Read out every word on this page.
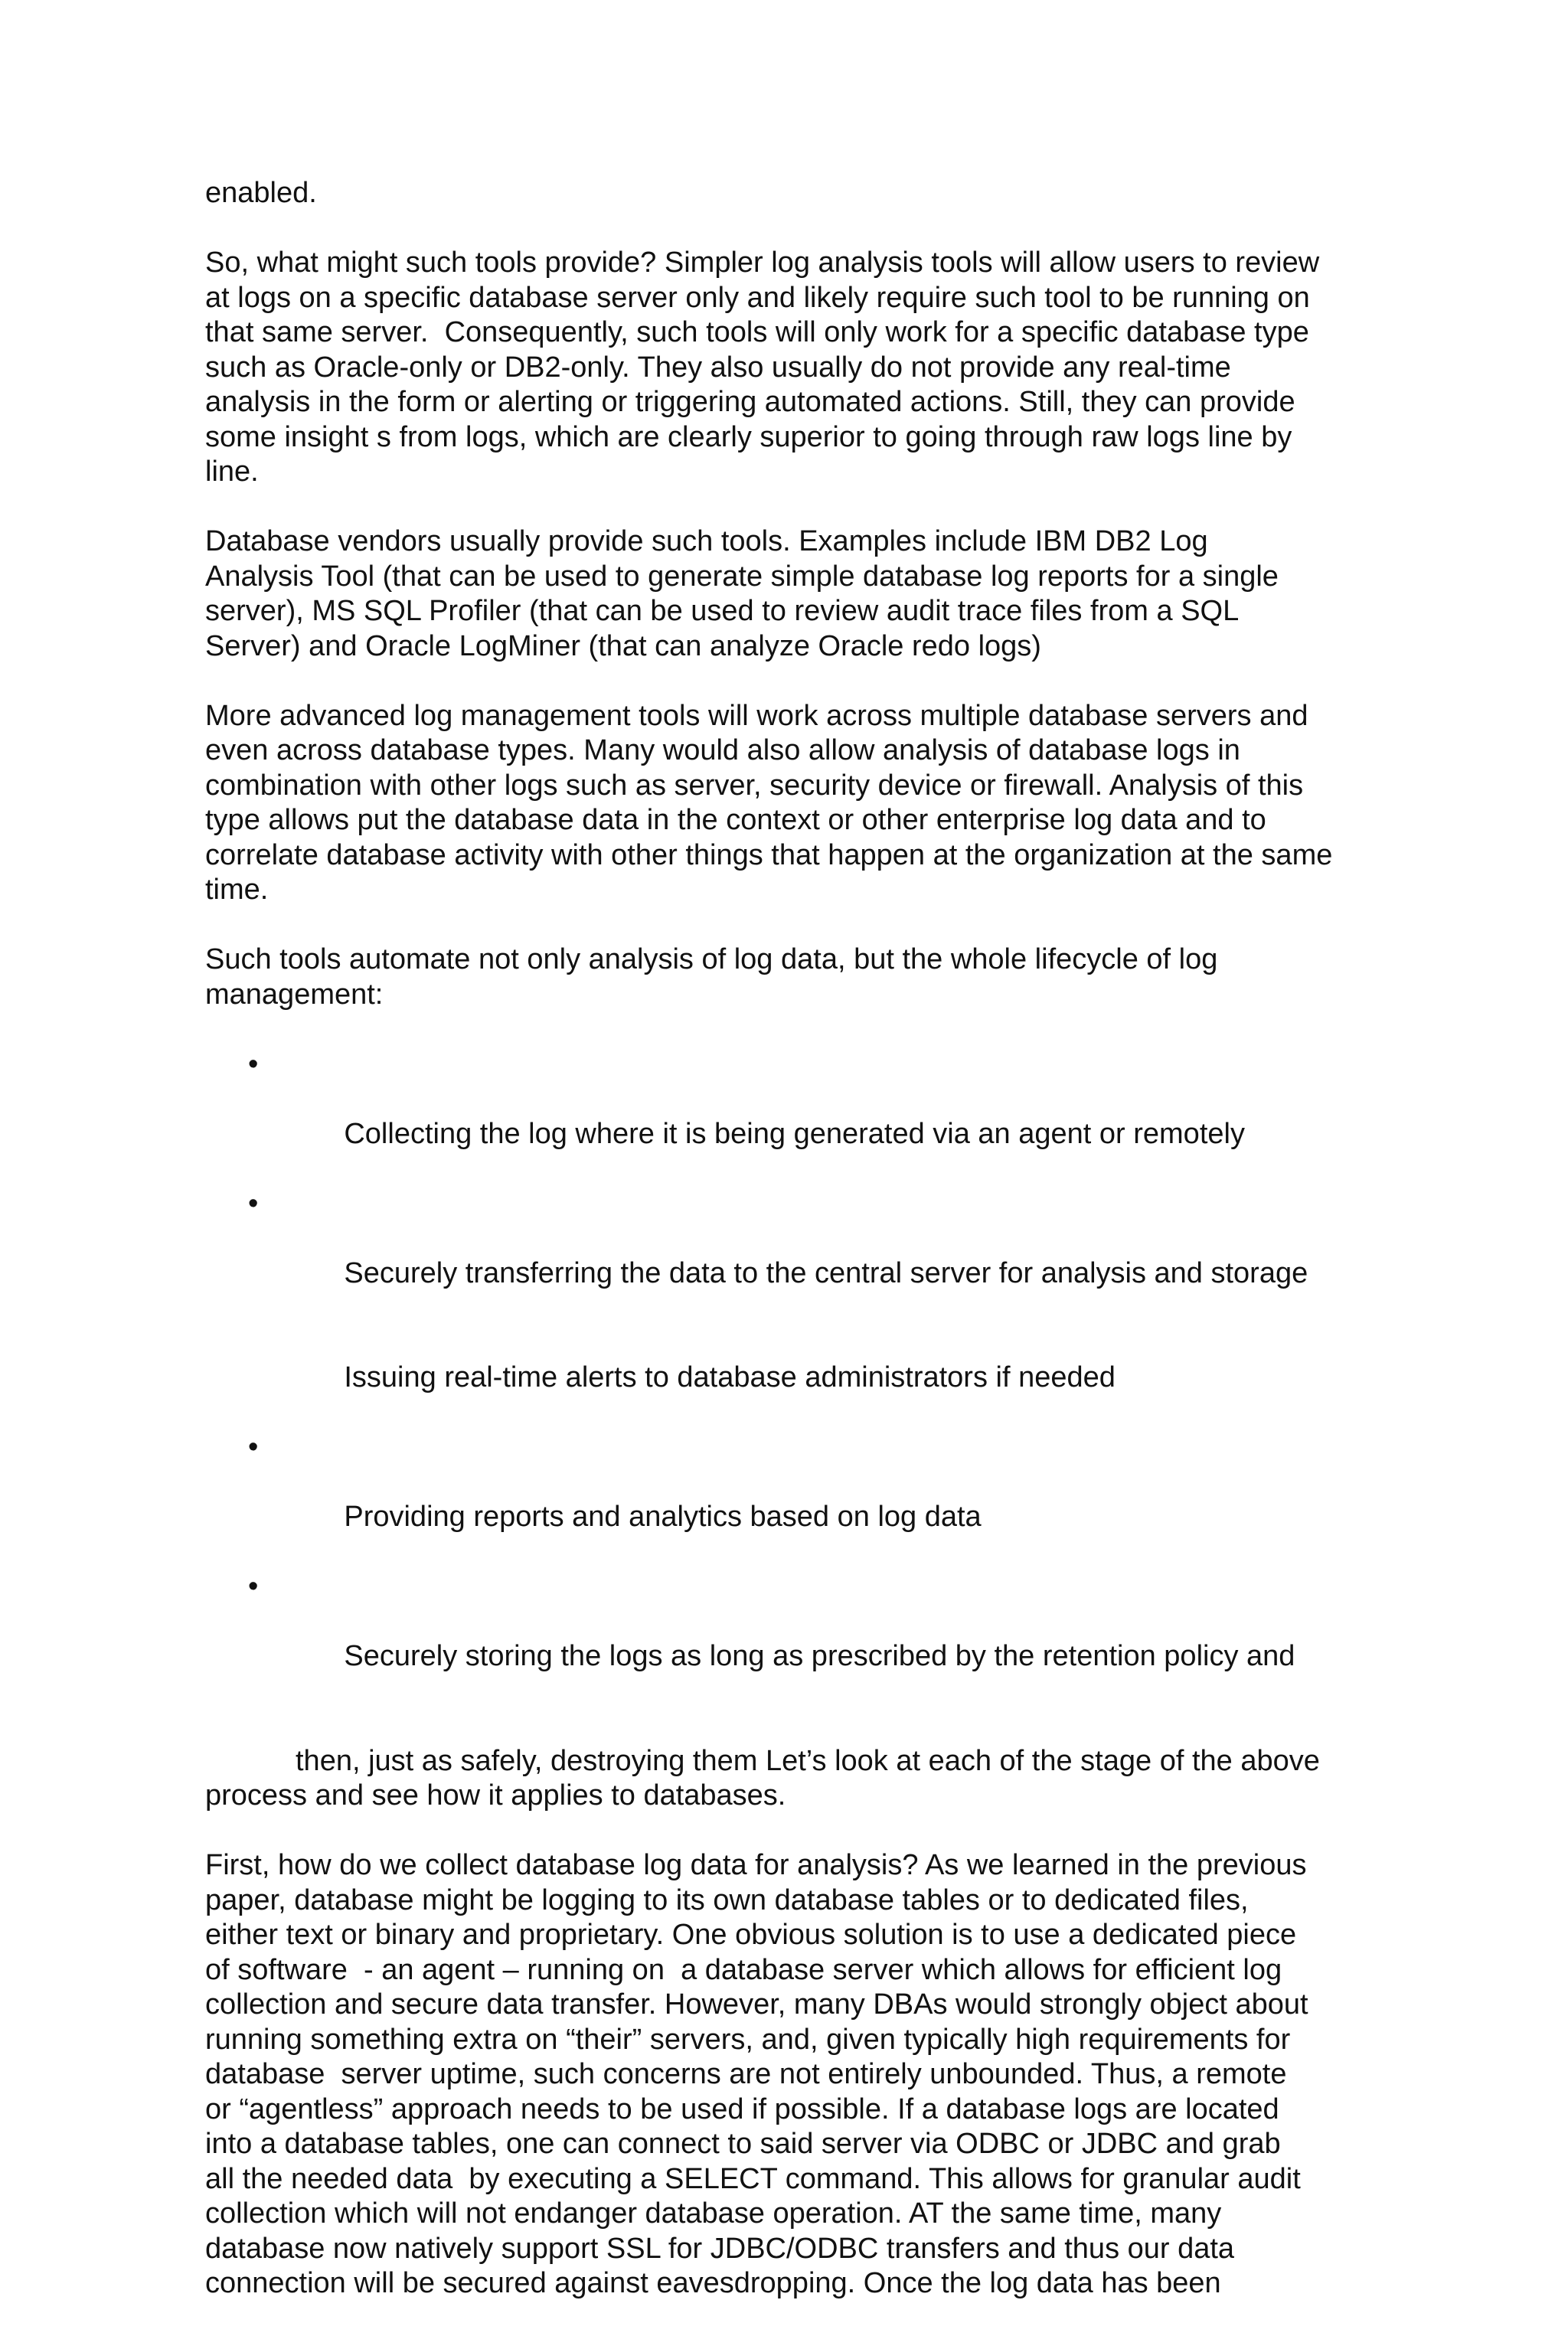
enabled.

So, what might such tools provide? Simpler log analysis tools will allow users to review
at logs on a specific database server only and likely require such tool to be running on
that same server.  Consequently, such tools will only work for a specific database type
such as Oracle-only or DB2-only. They also usually do not provide any real-time
analysis in the form or alerting or triggering automated actions. Still, they can provide
some insight s from logs, which are clearly superior to going through raw logs line by
line.

Database vendors usually provide such tools. Examples include IBM DB2 Log
Analysis Tool (that can be used to generate simple database log reports for a single
server), MS SQL Profiler (that can be used to review audit trace files from a SQL
Server) and Oracle LogMiner (that can analyze Oracle redo logs)

More advanced log management tools will work across multiple database servers and
even across database types. Many would also allow analysis of database logs in
combination with other logs such as server, security device or firewall. Analysis of this
type allows put the database data in the context or other enterprise log data and to
correlate database activity with other things that happen at the organization at the same
time.

Such tools automate not only analysis of log data, but the whole lifecycle of log
management:

•

Collecting the log where it is being generated via an agent or remotely

•

Securely transferring the data to the central server for analysis and storage

Issuing real-time alerts to database administrators if needed

•

Providing reports and analytics based on log data

•

Securely storing the logs as long as prescribed by the retention policy and

then, just as safely, destroying them Let’s look at each of the stage of the above
process and see how it applies to databases.

First, how do we collect database log data for analysis? As we learned in the previous
paper, database might be logging to its own database tables or to dedicated files,
either text or binary and proprietary. One obvious solution is to use a dedicated piece
of software  - an agent – running on  a database server which allows for efficient log
collection and secure data transfer. However, many DBAs would strongly object about
running something extra on “their” servers, and, given typically high requirements for
database  server uptime, such concerns are not entirely unbounded. Thus, a remote
or “agentless” approach needs to be used if possible. If a database logs are located
into a database tables, one can connect to said server via ODBC or JDBC and grab
all the needed data  by executing a SELECT command. This allows for granular audit
collection which will not endanger database operation. AT the same time, many
database now natively support SSL for JDBC/ODBC transfers and thus our data
connection will be secured against eavesdropping. Once the log data has been
